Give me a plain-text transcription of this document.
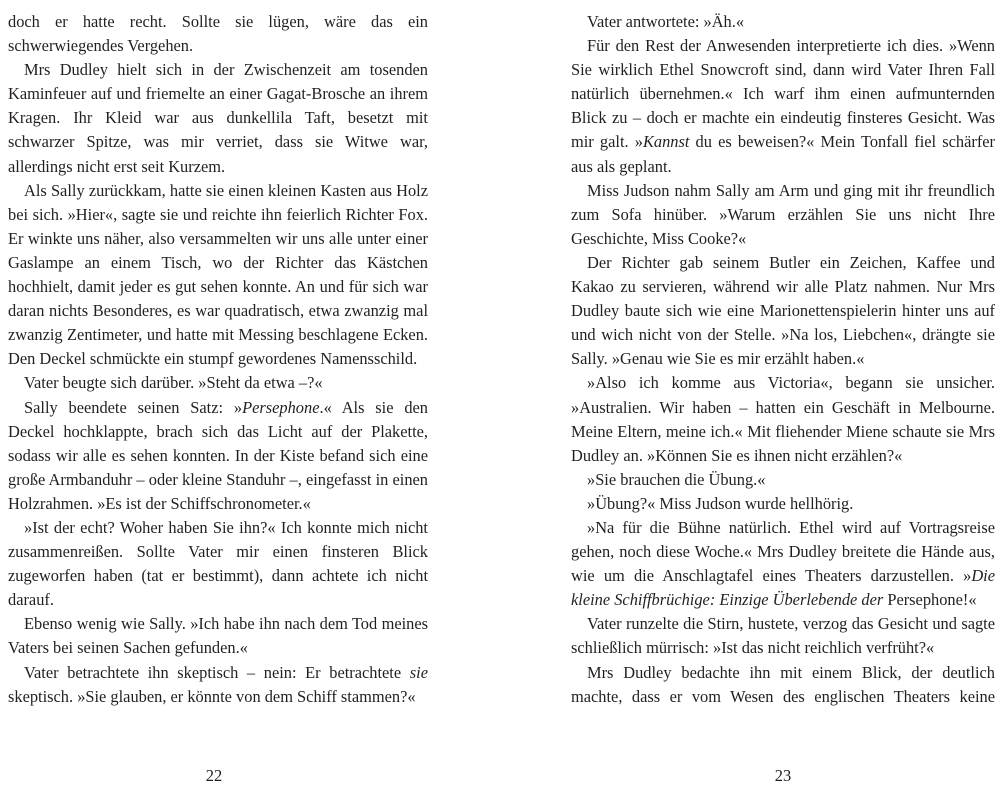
doch er hatte recht. Sollte sie lügen, wäre das ein schwerwiegendes Vergehen.

Mrs Dudley hielt sich in der Zwischenzeit am tosenden Kaminfeuer auf und friemelte an einer Gagat-Brosche an ihrem Kragen. Ihr Kleid war aus dunkellila Taft, besetzt mit schwarzer Spitze, was mir verriet, dass sie Witwe war, allerdings nicht erst seit Kurzem.

Als Sally zurückkam, hatte sie einen kleinen Kasten aus Holz bei sich. »Hier«, sagte sie und reichte ihn feierlich Richter Fox. Er winkte uns näher, also versammelten wir uns alle unter einer Gaslampe an einem Tisch, wo der Richter das Kästchen hochhielt, damit jeder es gut sehen konnte. An und für sich war daran nichts Besonderes, es war quadratisch, etwa zwanzig mal zwanzig Zentimeter, und hatte mit Messing beschlagene Ecken. Den Deckel schmückte ein stumpf gewordenes Namensschild.

Vater beugte sich darüber. »Steht da etwa –?«

Sally beendete seinen Satz: »Persephone.« Als sie den Deckel hochklappte, brach sich das Licht auf der Plakette, sodass wir alle es sehen konnten. In der Kiste befand sich eine große Armbanduhr – oder kleine Standuhr –, eingefasst in einen Holzrahmen. »Es ist der Schiffschronometer.«

»Ist der echt? Woher haben Sie ihn?« Ich konnte mich nicht zusammenreißen. Sollte Vater mir einen finsteren Blick zugeworfen haben (tat er bestimmt), dann achtete ich nicht darauf.

Ebenso wenig wie Sally. »Ich habe ihn nach dem Tod meines Vaters bei seinen Sachen gefunden.«

Vater betrachtete ihn skeptisch – nein: Er betrachtete sie skeptisch. »Sie glauben, er könnte von dem Schiff stammen?«

Vater antwortete: »Äh.«

Für den Rest der Anwesenden interpretierte ich dies. »Wenn Sie wirklich Ethel Snowcroft sind, dann wird Vater Ihren Fall natürlich übernehmen.« Ich warf ihm einen aufmunternden Blick zu – doch er machte ein eindeutig finsteres Gesicht. Was mir galt. »Kannst du es beweisen?« Mein Tonfall fiel schärfer aus als geplant.

Miss Judson nahm Sally am Arm und ging mit ihr freundlich zum Sofa hinüber. »Warum erzählen Sie uns nicht Ihre Geschichte, Miss Cooke?«

Der Richter gab seinem Butler ein Zeichen, Kaffee und Kakao zu servieren, während wir alle Platz nahmen. Nur Mrs Dudley baute sich wie eine Marionettenspielerin hinter uns auf und wich nicht von der Stelle. »Na los, Liebchen«, drängte sie Sally. »Genau wie Sie es mir erzählt haben.«

»Also ich komme aus Victoria«, begann sie unsicher. »Australien. Wir haben – hatten ein Geschäft in Melbourne. Meine Eltern, meine ich.« Mit fliehender Miene schaute sie Mrs Dudley an. »Können Sie es ihnen nicht erzählen?«

»Sie brauchen die Übung.«

»Übung?« Miss Judson wurde hellhörig.

»Na für die Bühne natürlich. Ethel wird auf Vortragsreise gehen, noch diese Woche.« Mrs Dudley breitete die Hände aus, wie um die Anschlagtafel eines Theaters darzustellen. »Die kleine Schiffbrüchige: Einzige Überlebende der Persephone!«

Vater runzelte die Stirn, hustete, verzog das Gesicht und sagte schließlich mürrisch: »Ist das nicht reichlich verfrüht?«

Mrs Dudley bedachte ihn mit einem Blick, der deutlich machte, dass er vom Wesen des englischen Theaters keine

22	23
